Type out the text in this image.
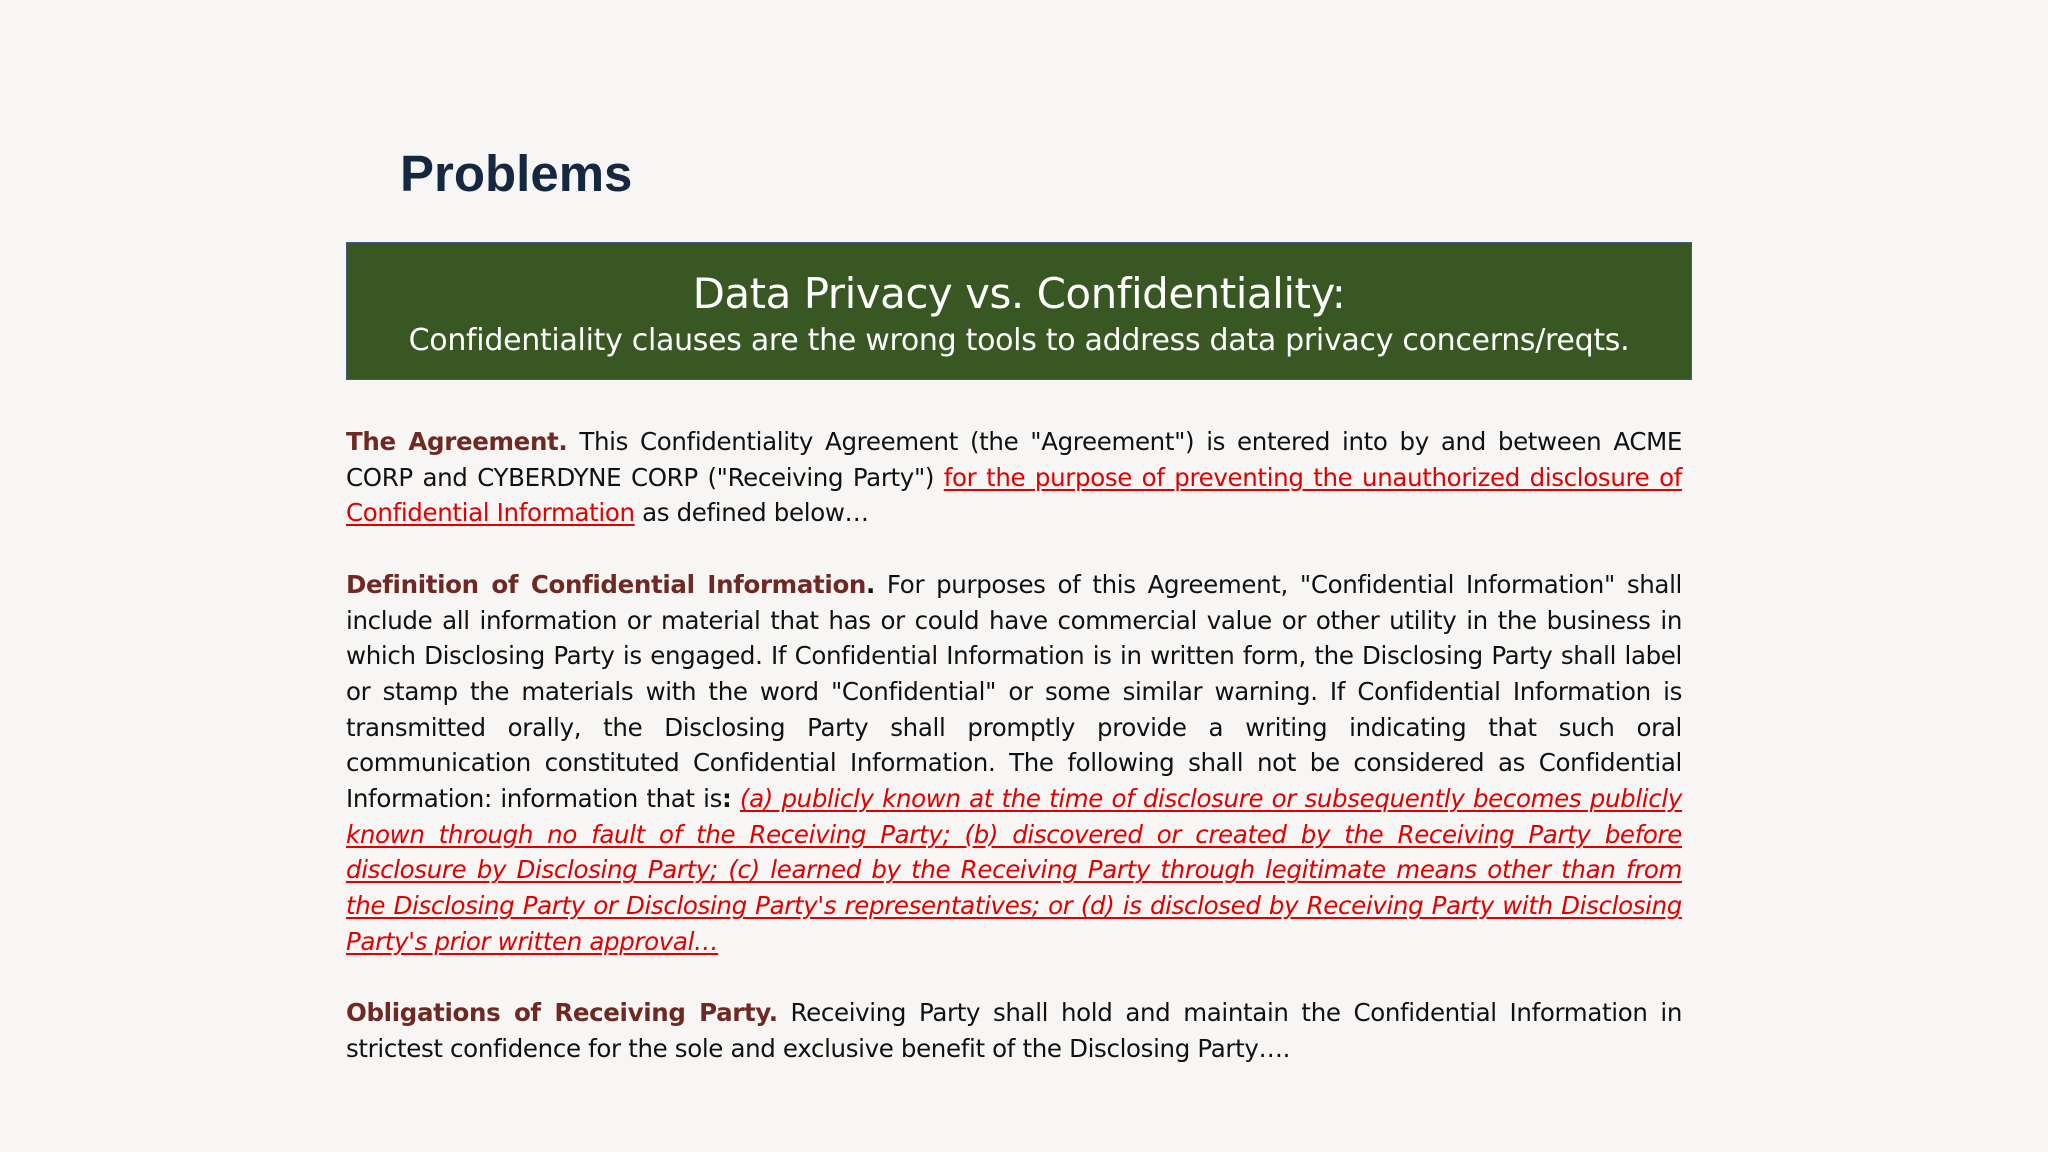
Problems

Data Privacy vs. Confidentiality:

Confidentiality clauses are the wrong tools to address data privacy concerns/reqts.

The Agreement. This Confidentiality Agreement (the "Agreement") is entered into by and between ACME CORP and CYBERDYNE CORP ("Receiving Party") for the purpose of preventing the unauthorized disclosure of Confidential Information as defined below…

Definition of Confidential Information. For purposes of this Agreement, "Confidential Information" shall include all information or material that has or could have commercial value or other utility in the business in which Disclosing Party is engaged. If Confidential Information is in written form, the Disclosing Party shall label or stamp the materials with the word "Confidential" or some similar warning. If Confidential Information is transmitted orally, the Disclosing Party shall promptly provide a writing indicating that such oral communication constituted Confidential Information. The following shall not be considered as Confidential Information: information that is: (a) publicly known at the time of disclosure or subsequently becomes publicly known through no fault of the Receiving Party; (b) discovered or created by the Receiving Party before disclosure by Disclosing Party; (c) learned by the Receiving Party through legitimate means other than from the Disclosing Party or Disclosing Party's representatives; or (d) is disclosed by Receiving Party with Disclosing Party's prior written approval…

Obligations of Receiving Party. Receiving Party shall hold and maintain the Confidential Information in strictest confidence for the sole and exclusive benefit of the Disclosing Party….
